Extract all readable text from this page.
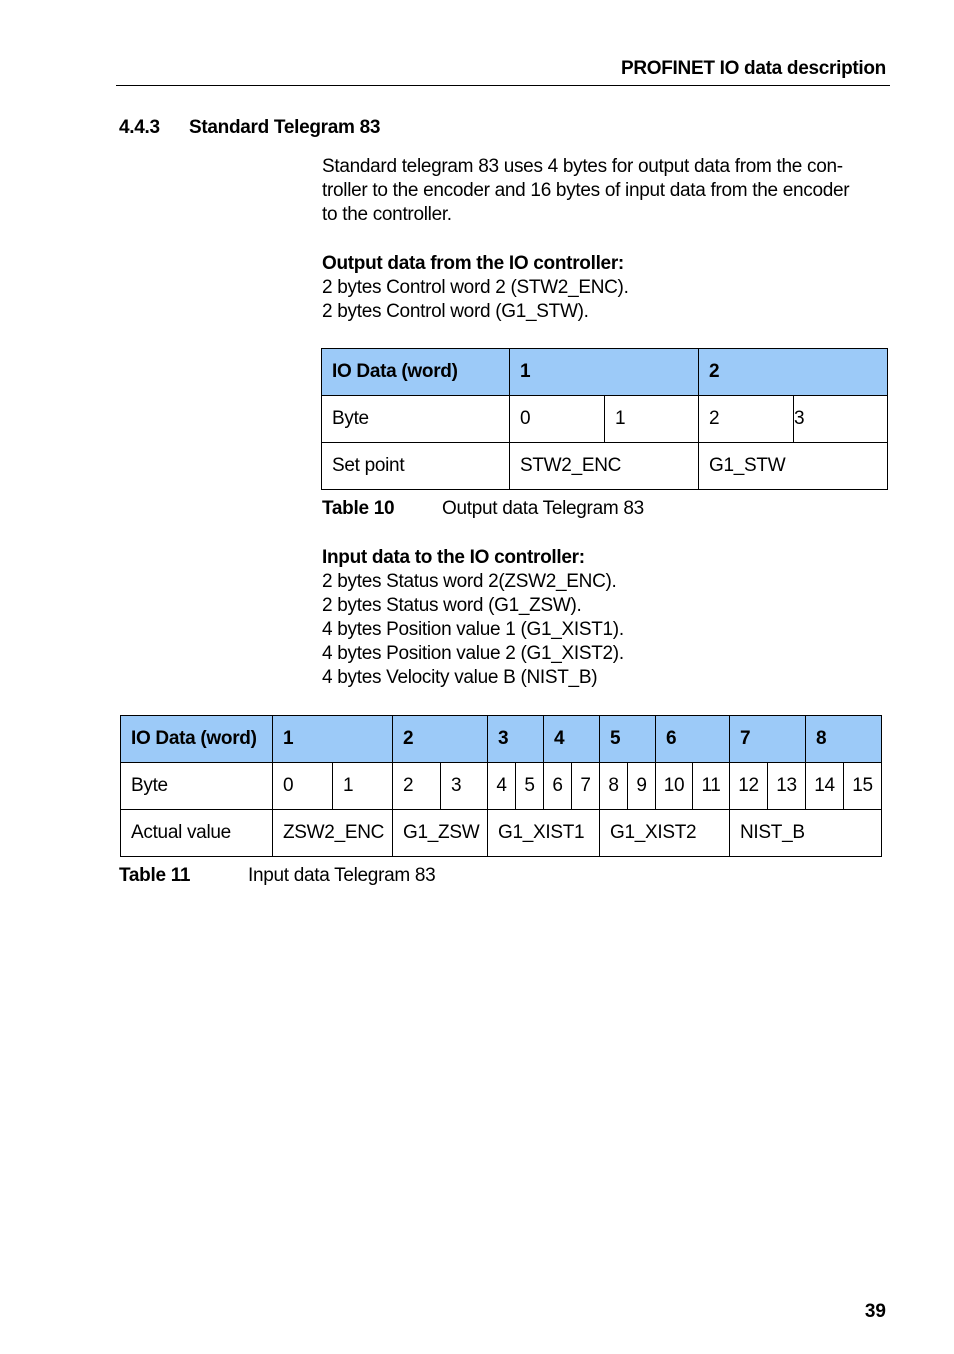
PROFINET IO data description
4.4.3 Standard Telegram 83
Standard telegram 83 uses 4 bytes for output data from the con-
troller to the encoder and 16 bytes of input data from the encoder
to the controller.
Output data from the IO controller:
2 bytes Control word 2 (STW2_ENC).
2 bytes Control word (G1_STW).
IO Data (word)	1		2	
Byte	0	1	2	3
Set point	STW2_ENC		G1_STW	
Table 10	Output data Telegram 83
Input data to the IO controller:
2 bytes Status word 2(ZSW2_ENC).
2 bytes Status word (G1_ZSW).
4 bytes Position value 1 (G1_XIST1).
4 bytes Position value 2 (G1_XIST2).
4 bytes Velocity value B (NIST_B)
IO Data (word)	1		2		3		4		5		6		7		8	
Byte	0	1	2	3	4	5	6	7	8	9	10	11	12	13	14	15
Actual value	ZSW2_ENC		G1_ZSW		G1_XIST1				G1_XIST2				NIST_B			
Table 11	Input data Telegram 83
39
